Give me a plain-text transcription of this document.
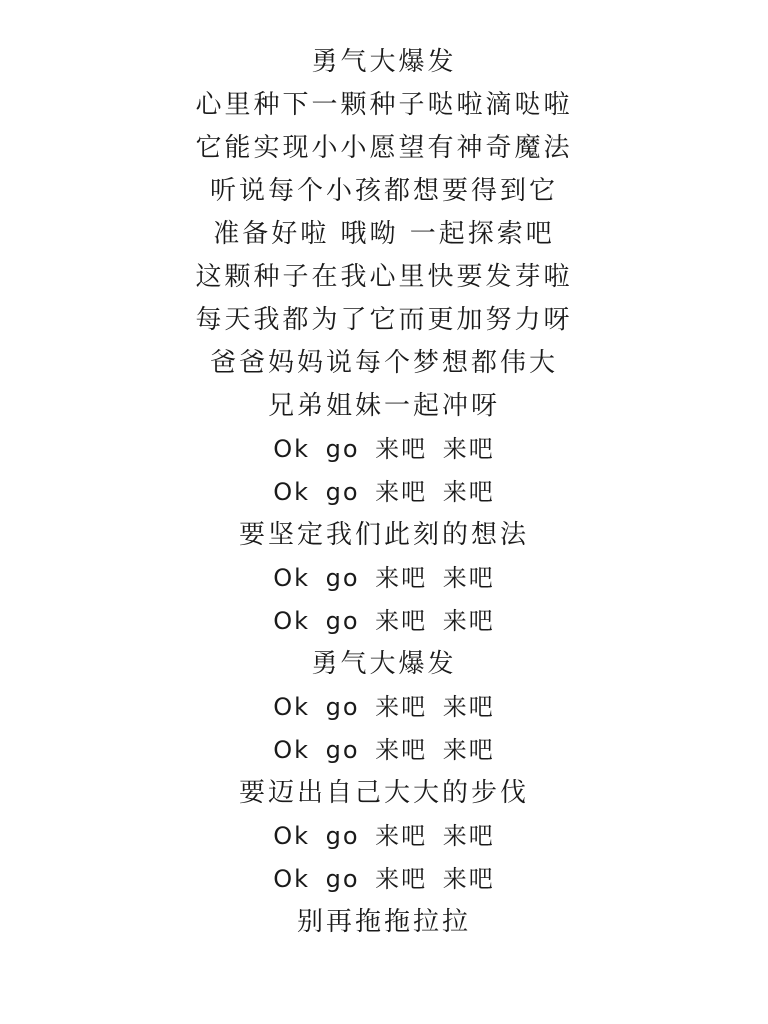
勇气大爆发
心里种下一颗种子哒啦滴哒啦
它能实现小小愿望有神奇魔法
听说每个小孩都想要得到它
准备好啦 哦呦 一起探索吧
这颗种子在我心里快要发芽啦
每天我都为了它而更加努力呀
爸爸妈妈说每个梦想都伟大
兄弟姐妹一起冲呀
Ok go 来吧 来吧
Ok go 来吧 来吧
要坚定我们此刻的想法
Ok go 来吧 来吧
Ok go 来吧 来吧
勇气大爆发
Ok go 来吧 来吧
Ok go 来吧 来吧
要迈出自己大大的步伐
Ok go 来吧 来吧
Ok go 来吧 来吧
别再拖拖拉拉
